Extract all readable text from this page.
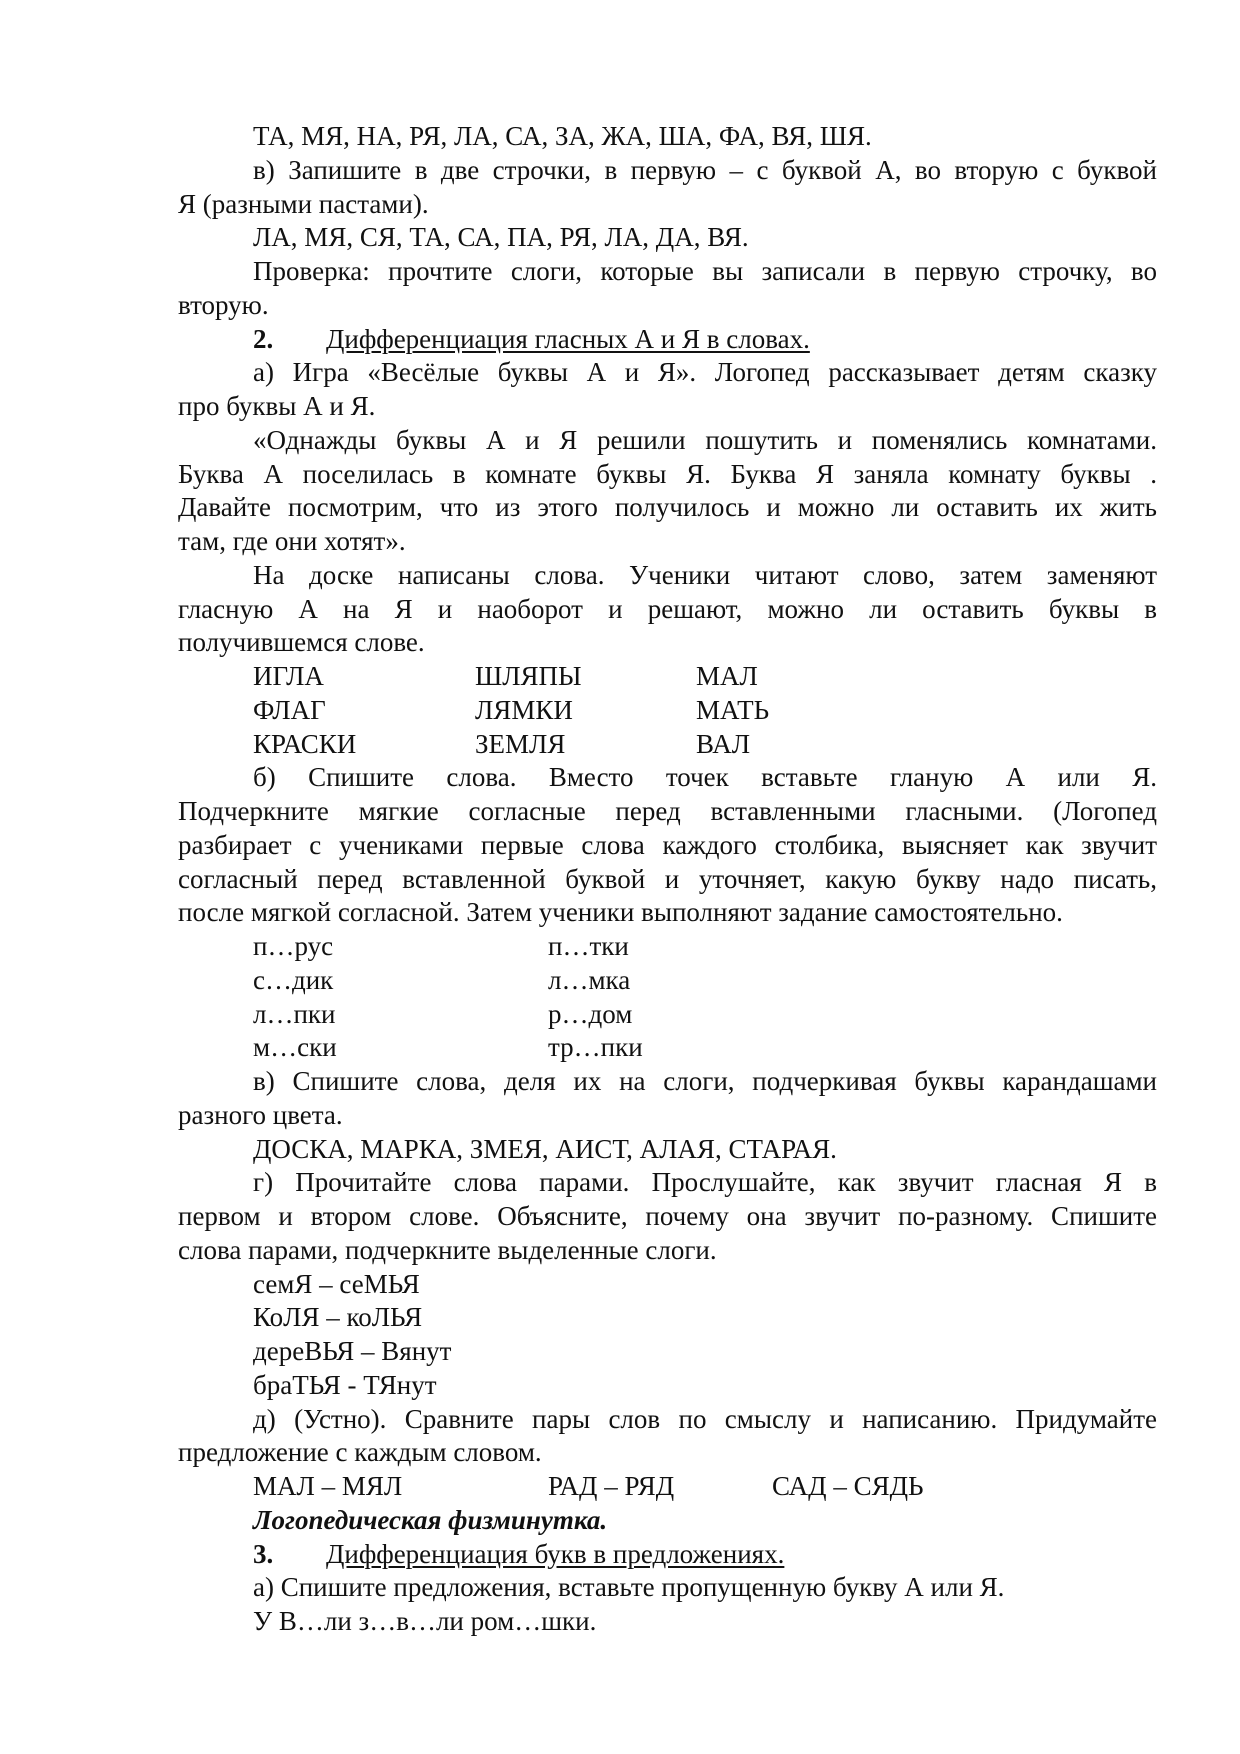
ТА, МЯ, НА, РЯ, ЛА, СА, ЗА, ЖА, ША, ФА, ВЯ, ШЯ.
в) Запишите в две строчки, в первую – с буквой А, во вторую с буквой
Я (разными пастами).
ЛА, МЯ, СЯ, ТА, СА, ПА, РЯ, ЛА, ДА, ВЯ.
Проверка: прочтите слоги, которые вы записали в первую строчку, во
вторую.
2. Дифференциация гласных А и Я в словах.
а) Игра «Весёлые буквы А и Я». Логопед рассказывает детям сказку
про буквы А и Я.
«Однажды буквы А и Я решили пошутить и поменялись комнатами.
Буква А поселилась в комнате буквы Я. Буква Я заняла комнату буквы .
Давайте посмотрим, что из этого получилось и можно ли оставить их жить
там, где они хотят».
На доске написаны слова. Ученики читают слово, затем заменяют
гласную А на Я и наоборот и решают, можно ли оставить буквы в
получившемся слове.
ИГЛА	ШЛЯПЫ	МАЛ
ФЛАГ	ЛЯМКИ	МАТЬ
КРАСКИ	ЗЕМЛЯ	ВАЛ
б) Спишите слова. Вместо точек вставьте гланую А или Я.
Подчеркните мягкие согласные перед вставленными гласными. (Логопед
разбирает с учениками первые слова каждого столбика, выясняет как звучит
согласный перед вставленной буквой и уточняет, какую букву надо писать,
после мягкой согласной. Затем ученики выполняют задание самостоятельно.
п…рус	п…тки
с…дик	л…мка
л…пки	р…дом
м…ски	тр…пки
в) Спишите слова, деля их на слоги, подчеркивая буквы карандашами
разного цвета.
ДОСКА, МАРКА, ЗМЕЯ, АИСТ, АЛАЯ, СТАРАЯ.
г) Прочитайте слова парами. Прослушайте, как звучит гласная Я в
первом и втором слове. Объясните, почему она звучит по-разному. Спишите
слова парами, подчеркните выделенные слоги.
семЯ – сеМЬЯ
КоЛЯ – коЛЬЯ
дереВЬЯ – Вянут
браТЬЯ - ТЯнут
д) (Устно). Сравните пары слов по смыслу и написанию. Придумайте
предложение с каждым словом.
МАЛ – МЯЛ	РАД – РЯД	САД – СЯДЬ
Логопедическая физминутка.
3. Дифференциация букв в предложениях.
а) Спишите предложения, вставьте пропущенную букву А или Я.
У В…ли з…в…ли ром…шки.
